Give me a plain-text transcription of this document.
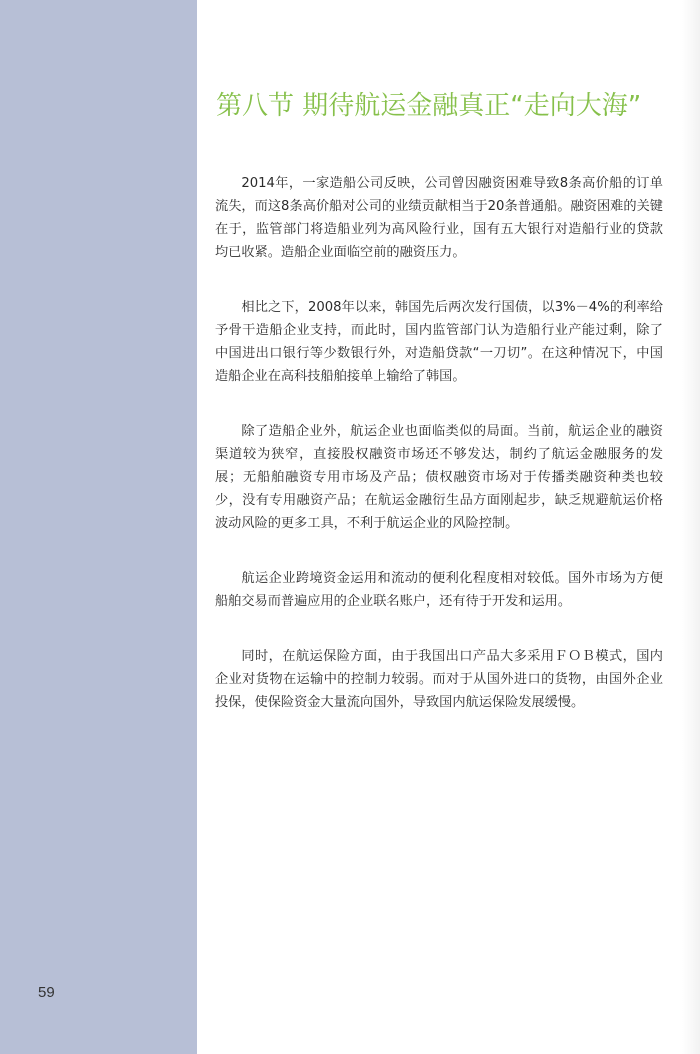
59
第八节 期待航运金融真正“走向大海”

2014年，一家造船公司反映，公司曾因融资困难导致8条高价船的订单流失，而这8条高价船对公司的业绩贡献相当于20条普通船。融资困难的关键在于，监管部门将造船业列为高风险行业，国有五大银行对造船行业的贷款均已收紧。造船企业面临空前的融资压力。

相比之下，2008年以来，韩国先后两次发行国债，以3%－4%的利率给予骨干造船企业支持，而此时，国内监管部门认为造船行业产能过剩，除了中国进出口银行等少数银行外，对造船贷款“一刀切”。在这种情况下，中国造船企业在高科技船舶接单上输给了韩国。

除了造船企业外，航运企业也面临类似的局面。当前，航运企业的融资渠道较为狭窄，直接股权融资市场还不够发达，制约了航运金融服务的发展；无船舶融资专用市场及产品；债权融资市场对于传播类融资种类也较少，没有专用融资产品；在航运金融衍生品方面刚起步，缺乏规避航运价格波动风险的更多工具，不利于航运企业的风险控制。

航运企业跨境资金运用和流动的便利化程度相对较低。国外市场为方便船舶交易而普遍应用的企业联名账户，还有待于开发和运用。

同时，在航运保险方面，由于我国出口产品大多采用ＦＯＢ模式，国内企业对货物在运输中的控制力较弱。而对于从国外进口的货物，由国外企业投保，使保险资金大量流向国外，导致国内航运保险发展缓慢。
